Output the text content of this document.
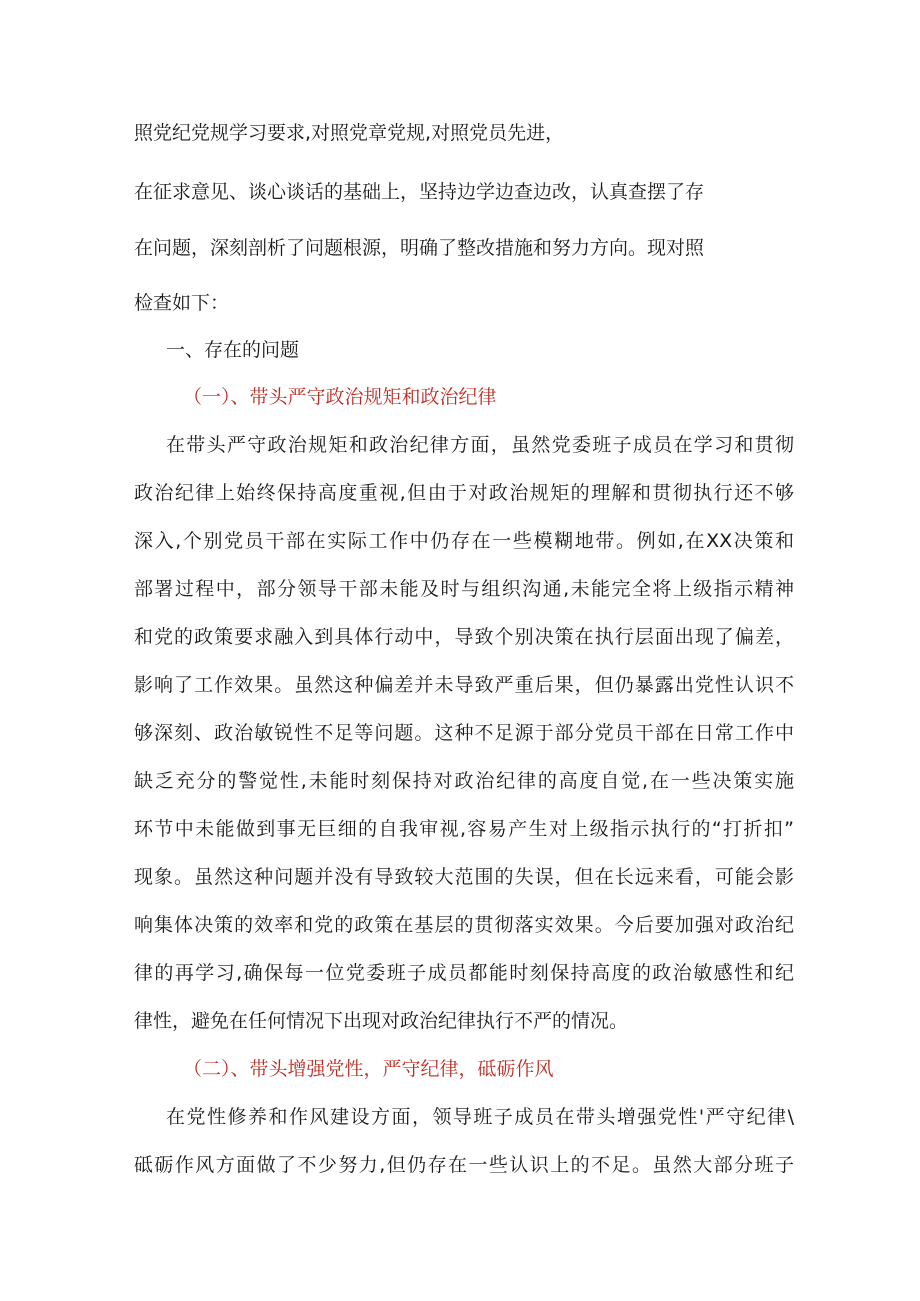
照党纪党规学习要求,对照党章党规,对照党员先进，
在征求意见、谈心谈话的基础上，坚持边学边查边改，认真查摆了存
在问题，深刻剖析了问题根源，明确了整改措施和努力方向。现对照
检查如下：
一、存在的问题
（一）、带头严守政治规矩和政治纪律
在带头严守政治规矩和政治纪律方面，虽然党委班子成员在学习和贯彻
政治纪律上始终保持高度重视,但由于对政治规矩的理解和贯彻执行还不够
深入,个别党员干部在实际工作中仍存在一些模糊地带。例如,在XX决策和
部署过程中，部分领导干部未能及时与组织沟通,未能完全将上级指示精神
和党的政策要求融入到具体行动中，导致个别决策在执行层面出现了偏差，
影响了工作效果。虽然这种偏差并未导致严重后果，但仍暴露出党性认识不
够深刻、政治敏锐性不足等问题。这种不足源于部分党员干部在日常工作中
缺乏充分的警觉性,未能时刻保持对政治纪律的高度自觉,在一些决策实施
环节中未能做到事无巨细的自我审视,容易产生对上级指示执行的“打折扣”
现象。虽然这种问题并没有导致较大范围的失误，但在长远来看，可能会影
响集体决策的效率和党的政策在基层的贯彻落实效果。今后要加强对政治纪
律的再学习,确保每一位党委班子成员都能时刻保持高度的政治敏感性和纪
律性，避免在任何情况下出现对政治纪律执行不严的情况。
（二）、带头增强党性，严守纪律，砥砺作风
在党性修养和作风建设方面，领导班子成员在带头增强党性'严守纪律\
砥砺作风方面做了不少努力,但仍存在一些认识上的不足。虽然大部分班子
